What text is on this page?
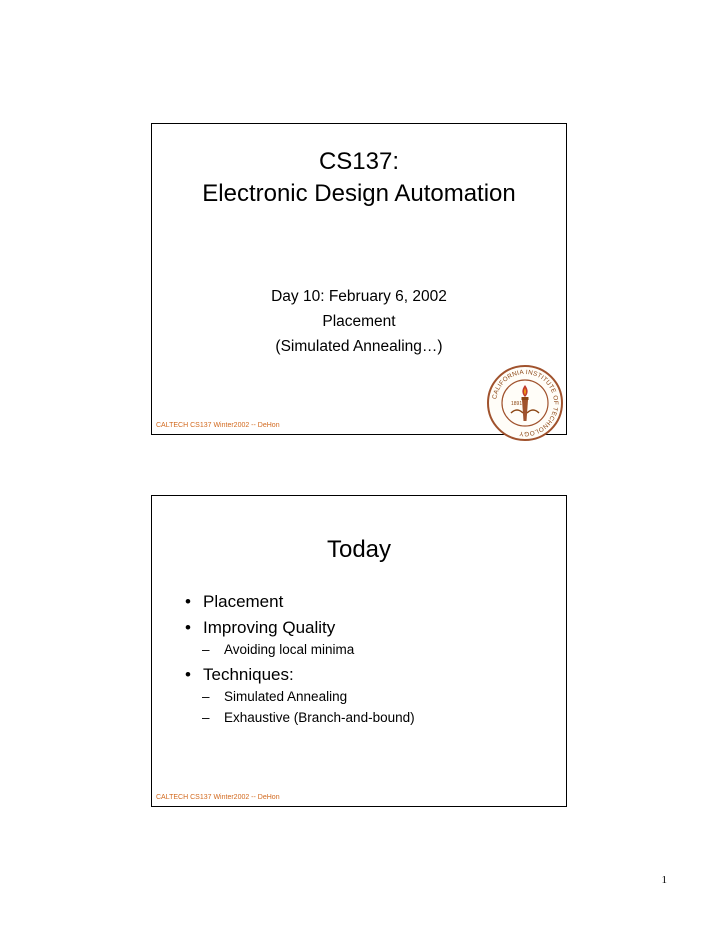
CS137:
Electronic Design Automation
Day 10: February 6, 2002
Placement
(Simulated Annealing…)
CALIFORNIA INSTITUTE OF TECHNOLOGY
1891
CALTECH CS137 Winter2002 -- DeHon
Today
• Placement
• Improving Quality
– Avoiding local minima
• Techniques:
– Simulated Annealing
– Exhaustive (Branch-and-bound)
CALTECH CS137 Winter2002 -- DeHon
1
